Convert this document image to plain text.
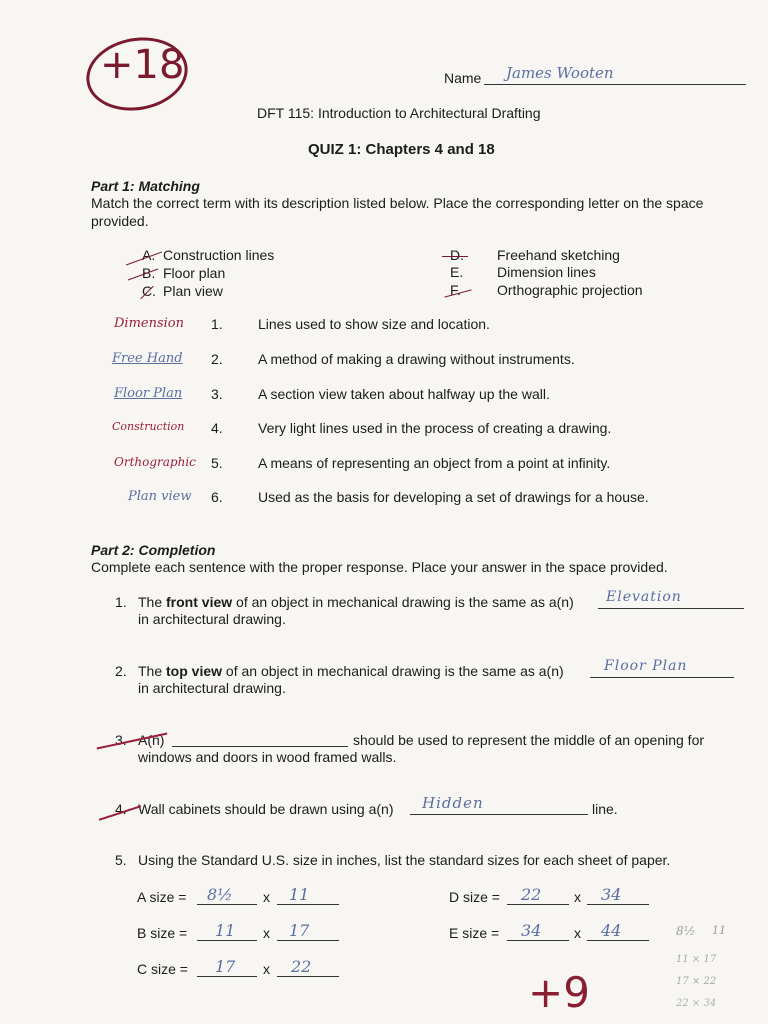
+18	Name James Wooten
DFT 115: Introduction to Architectural Drafting
QUIZ 1: Chapters 4 and 18
Part 1: Matching
Match the correct term with its description listed below. Place the corresponding letter on the space
provided.
A. Construction lines
B. Floor plan
C. Plan view
D. Freehand sketching
E. Dimension lines
F.	Orthographic projection
Dimension 1.	Lines used to show size and location.
Free Hand 2.	A method of making a drawing without instruments.
Floor Plan 3.	A section view taken about halfway up the wall.
Construction 4.	Very light lines used in the process of creating a drawing.
Orthographic 5.	A means of representing an object from a point at infinity.
Plan view 6.	Used as the basis for developing a set of drawings for a house.
Part 2: Completion
Complete each sentence with the proper response. Place your answer in the space provided.
1. The front view of an object in mechanical drawing is the same as a(n) Elevation
in architectural drawing.
2. The top view of an object in mechanical drawing is the same as a(n)	Floor Plan
in architectural drawing.
3. A(n)	should be used to represent the middle of an opening for
windows and doors in wood framed walls.
4. Wall cabinets should be drawn using a(n) Hidden	line.
5. Using the Standard U.S. size in inches, list the standard sizes for each sheet of paper.
A size = 8½ x 11
B size = 11 x 17
C size = 17 x 22
D size = 22 x 34
E size = 34 x 44
+9
8½ 11
11 × 17
17 × 22
22 × 34
